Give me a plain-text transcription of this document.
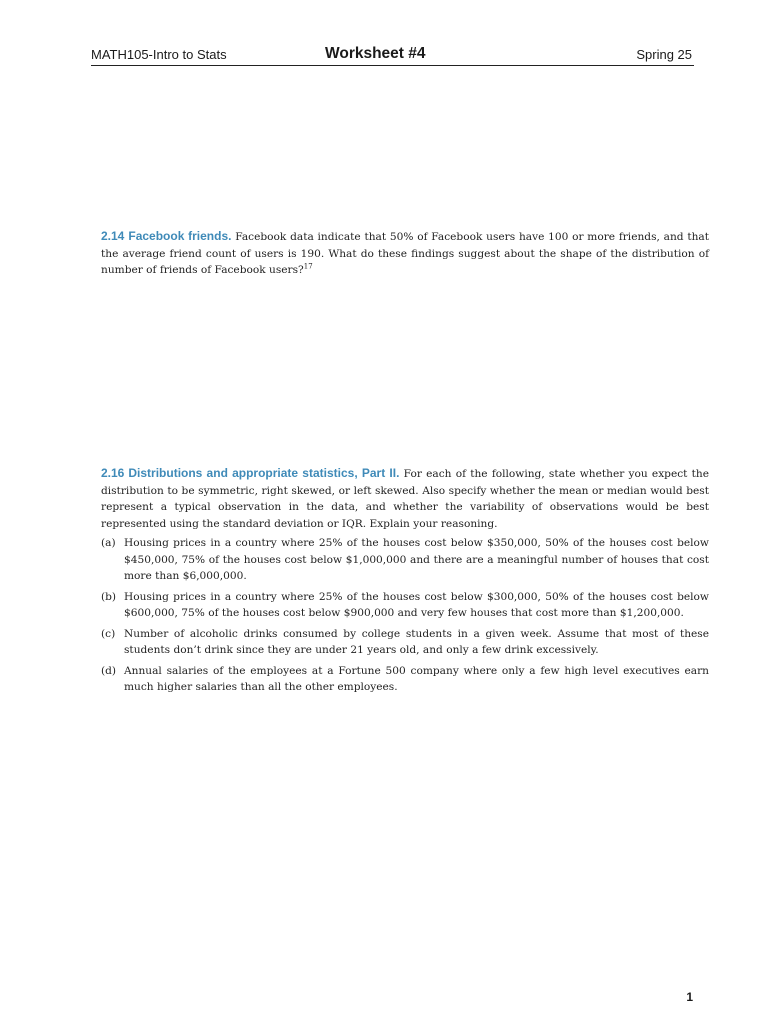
MATH105-Intro to Stats	Worksheet #4	Spring 25
2.14 Facebook friends. Facebook data indicate that 50% of Facebook users have 100 or more friends, and that the average friend count of users is 190. What do these findings suggest about the shape of the distribution of number of friends of Facebook users?$^{17}$
2.16 Distributions and appropriate statistics, Part II. For each of the following, state whether you expect the distribution to be symmetric, right skewed, or left skewed. Also specify whether the mean or median would best represent a typical observation in the data, and whether the variability of observations would be best represented using the standard deviation or IQR. Explain your reasoning.
(a) Housing prices in a country where 25% of the houses cost below $350,000, 50% of the houses cost below $450,000, 75% of the houses cost below $1,000,000 and there are a meaningful number of houses that cost more than $6,000,000.
(b) Housing prices in a country where 25% of the houses cost below $300,000, 50% of the houses cost below $600,000, 75% of the houses cost below $900,000 and very few houses that cost more than $1,200,000.
(c) Number of alcoholic drinks consumed by college students in a given week. Assume that most of these students don’t drink since they are under 21 years old, and only a few drink excessively.
(d) Annual salaries of the employees at a Fortune 500 company where only a few high level executives earn much higher salaries than all the other employees.
1
